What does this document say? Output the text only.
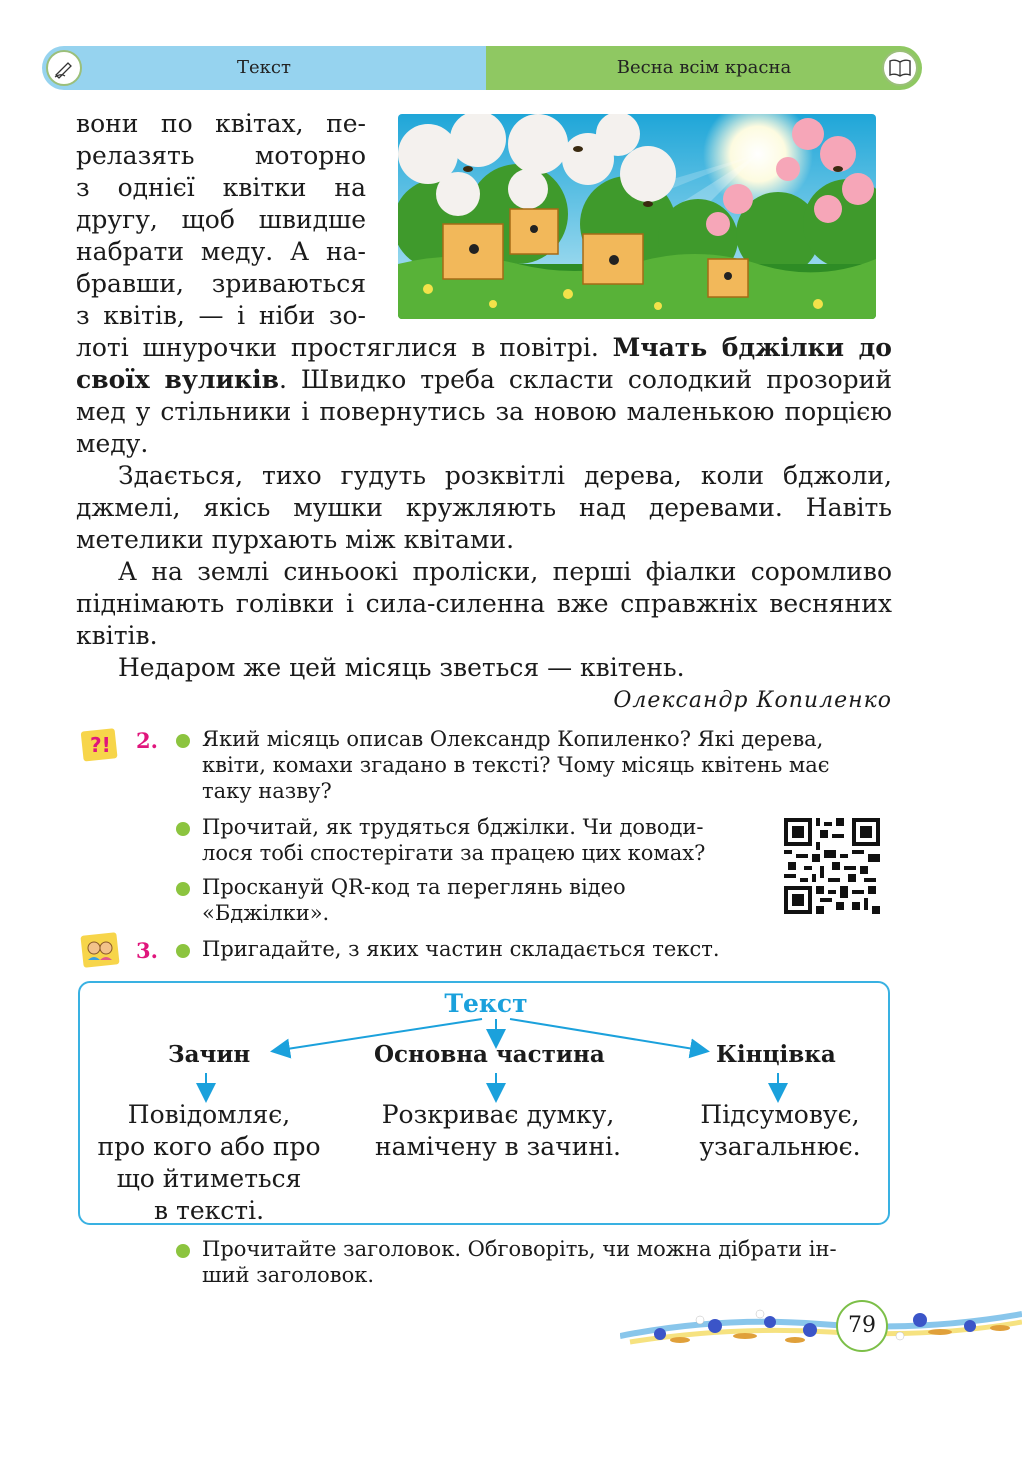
Текст	Весна всім красна
вони по квітах, пе-
релазять моторно
з однієї квітки на
другу, щоб швидше
набрати меду. А на-
бравши, зриваються
з квітів, — і ніби зо-

лоті шнурочки простяглися в повітрі. Мчать бджілки до своїх вуликів. Швидко треба скласти солодкий прозорий мед у стільники і повернутись за новою маленькою порцією меду.

Здається, тихо гудуть розквітлі дерева, коли бджоли, джмелі, якісь мушки кружляють над деревами. Навіть метелики пурхають між квітами.

А на землі синьоокі проліски, перші фіалки соромливо піднімають голівки і сила-силенна вже справжніх весняних квітів.

Недаром же цей місяць зветься — квітень.

Олександр Копиленко
?! 2. Який місяць описав Олександр Копиленко? Які дерева,
квіти, комахи згадано в тексті? Чому місяць квітень має
таку назву?
Прочитай, як трудяться бджілки. Чи доводи-
лося тобі спостерігати за працею цих комах?
Проскануй QR-код та переглянь відео
«Бджілки».
3. Пригадайте, з яких частин складається текст.
Текст
Зачин	Основна частина	Кінцівка
Повідомляє,
про кого або про
що йтиметься
в тексті.
Розкриває думку,
намічену в зачині.
Підсумовує,
узагальнює.
Прочитайте заголовок. Обговоріть, чи можна дібрати ін-
ший заголовок.
79
